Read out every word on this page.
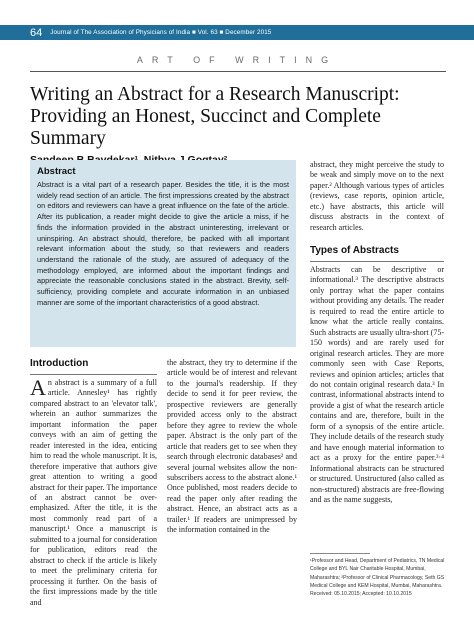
64 Journal of The Association of Physicians of India ■ Vol. 63 ■ December 2015
ART OF WRITING
Writing an Abstract for a Research Manuscript: Providing an Honest, Succinct and Complete Summary
Abstract

Abstract is a vital part of a research paper. Besides the title, it is the most widely read section of an article. The first impressions created by the abstract on editors and reviewers can have a great influence on the fate of the article. After its publication, a reader might decide to give the article a miss, if he finds the information provided in the abstract uninteresting, irrelevant or uninspiring. An abstract should, therefore, be packed with all important relevant information about the study, so that reviewers and readers understand the rationale of the study, are assured of adequacy of the methodology employed, are informed about the important findings and appreciate the reasonable conclusions stated in the abstract. Brevity, self-sufficiency, providing complete and accurate information in an unbiased manner are some of the important characteristics of a good abstract.

abstract, they might perceive the study to be weak and simply move on to the next paper.² Although various types of articles (reviews, case reports, opinion article, etc.) have abstracts, this article will discuss abstracts in the context of research articles.

Types of Abstracts

Abstracts can be descriptive or informational.³ The descriptive abstracts only portray what the paper contains without providing any details. The reader is required to read the entire article to know what the article really contains. Such abstracts are usually ultra-short (75-150 words) and are rarely used for original research articles. They are more commonly seen with Case Reports, reviews and opinion articles; articles that do not contain original research data.³ In contrast, informational abstracts intend to provide a gist of what the research article contains and are, therefore, built in the form of a synopsis of the entire article. They include details of the research study and have enough material information to act as a proxy for the entire paper.³·⁴ Informational abstracts can be structured or structured. Unstructured (also called as non-structured) abstracts are free-flowing and as the name suggests,

Introduction

An abstract is a summary of a full article. Annesley¹ has rightly compared abstract to an 'elevator talk', wherein an author summarizes the important information the paper conveys with an aim of getting the reader interested in the idea, enticing him to read the whole manuscript. It is, therefore imperative that authors give great attention to writing a good abstract for their paper. The importance of an abstract cannot be over-emphasized. After the title, it is the most commonly read part of a manuscript.¹ Once a manuscript is submitted to a journal for consideration for publication, editors read the abstract to check if the article is likely to meet the preliminary criteria for processing it further. On the basis of the first impressions made by the title and

the abstract, they try to determine if the article would be of interest and relevant to the journal's readership. If they decide to send it for peer review, the prospective reviewers are generally provided access only to the abstract before they agree to review the whole paper. Abstract is the only part of the article that readers get to see when they search through electronic databases² and several journal websites allow the non-subscribers access to the abstract alone.¹ Once published, most readers decide to read the paper only after reading the abstract. Hence, an abstract acts as a trailer.¹ If readers are unimpressed by the information contained in the

¹Professor and Head, Department of Pediatrics, TN Medical College and BYL Nair Charitable Hospital, Mumbai, Maharashtra; ²Professor of Clinical Pharmacology, Seth GS Medical College and KEM Hospital, Mumbai, Maharashtra.

Received: 05.10.2015; Accepted: 10.10.2015
